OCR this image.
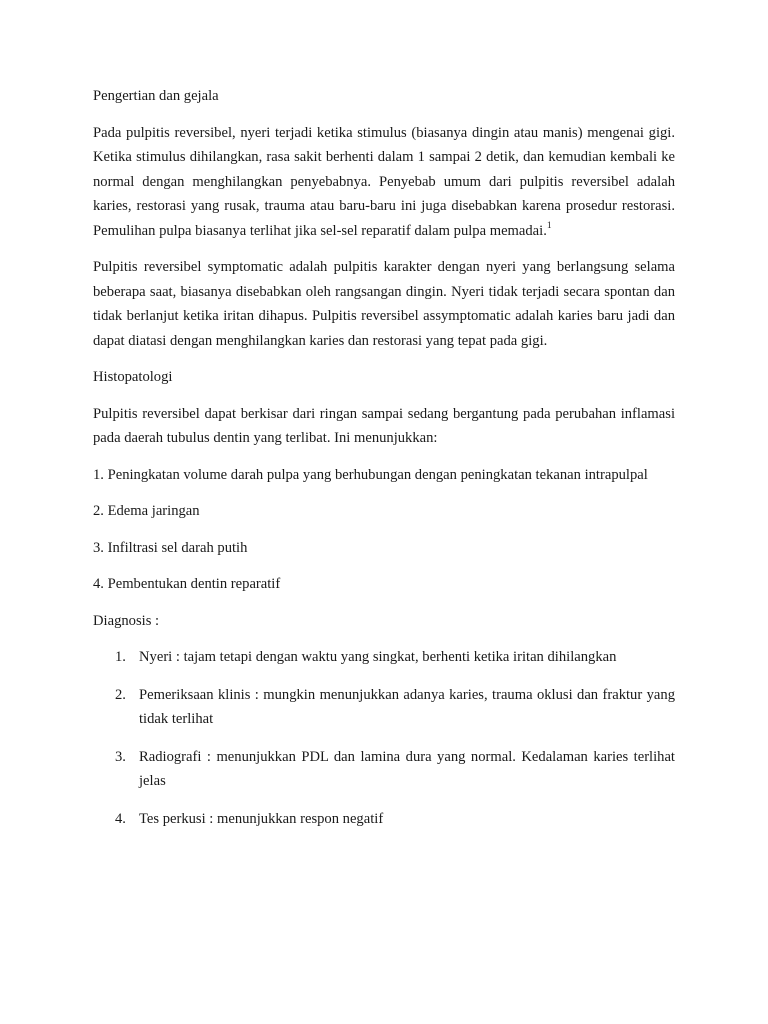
Pengertian dan gejala

Pada pulpitis reversibel, nyeri terjadi ketika stimulus (biasanya dingin atau manis) mengenai gigi. Ketika stimulus dihilangkan, rasa sakit berhenti dalam 1 sampai 2 detik, dan kemudian kembali ke normal dengan menghilangkan penyebabnya. Penyebab umum dari pulpitis reversibel adalah karies, restorasi yang rusak, trauma atau baru-baru ini juga disebabkan karena prosedur restorasi. Pemulihan pulpa biasanya terlihat jika sel-sel reparatif dalam pulpa memadai.$^1$

Pulpitis reversibel symptomatic adalah pulpitis karakter dengan nyeri yang berlangsung selama beberapa saat, biasanya disebabkan oleh rangsangan dingin. Nyeri tidak terjadi secara spontan dan tidak berlanjut ketika iritan dihapus. Pulpitis reversibel assymptomatic adalah karies baru jadi dan dapat diatasi dengan menghilangkan karies dan restorasi yang tepat pada gigi.

Histopatologi

Pulpitis reversibel dapat berkisar dari ringan sampai sedang bergantung pada perubahan inflamasi pada daerah tubulus dentin yang terlibat. Ini menunjukkan:

1. Peningkatan volume darah pulpa yang berhubungan dengan peningkatan tekanan intrapulpal

2. Edema jaringan

3. Infiltrasi sel darah putih

4. Pembentukan dentin reparatif

Diagnosis :

1. Nyeri : tajam tetapi dengan waktu yang singkat, berhenti ketika iritan dihilangkan
2. Pemeriksaan klinis : mungkin menunjukkan adanya karies, trauma oklusi dan fraktur yang tidak terlihat
3. Radiografi : menunjukkan PDL dan lamina dura yang normal. Kedalaman karies terlihat jelas
4. Tes perkusi : menunjukkan respon negatif
